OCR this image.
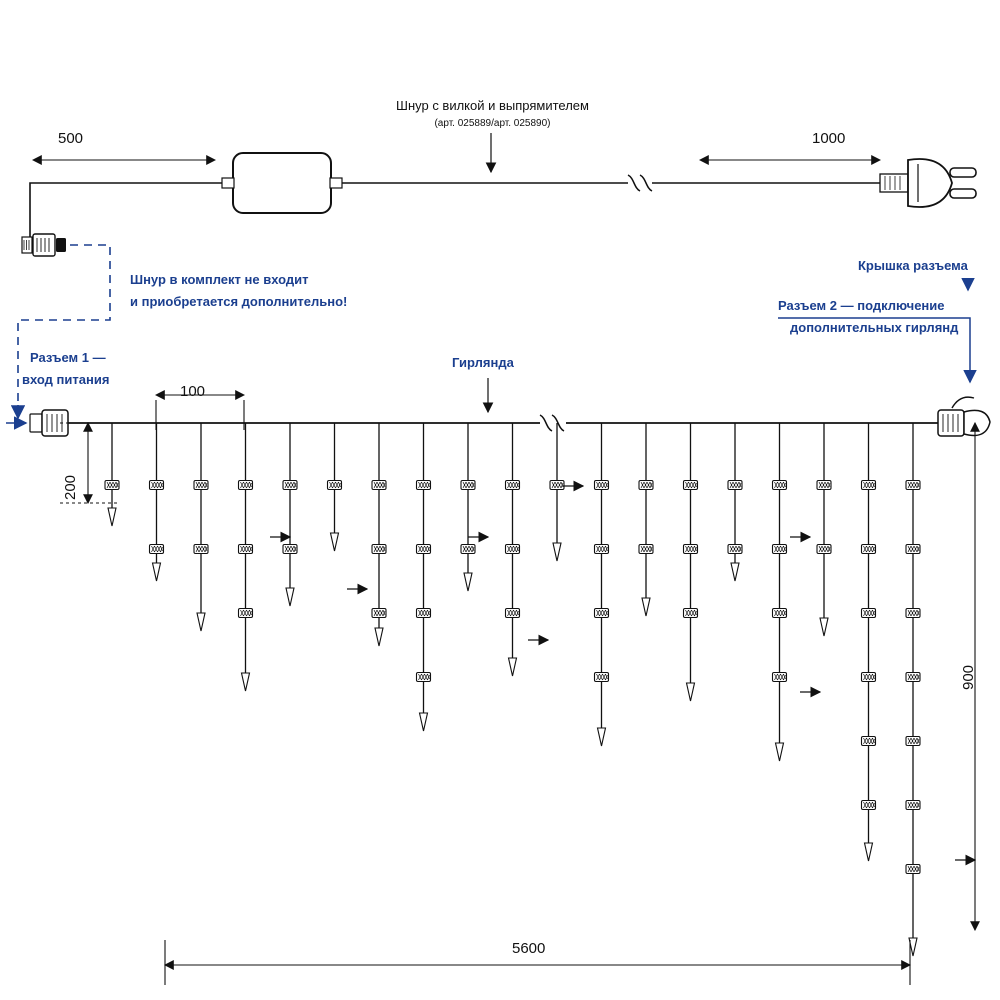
Шнур с вилкой и выпрямителем
(арт. 025889/арт. 025890)
500	1000
Шнур в комплект не входит
и приобретается дополнительно!
Разъем 1 —
вход питания
Крышка разъема
Разъем 2 — подключение
дополнительных гирлянд
Гирлянда
100
200
900
5600
